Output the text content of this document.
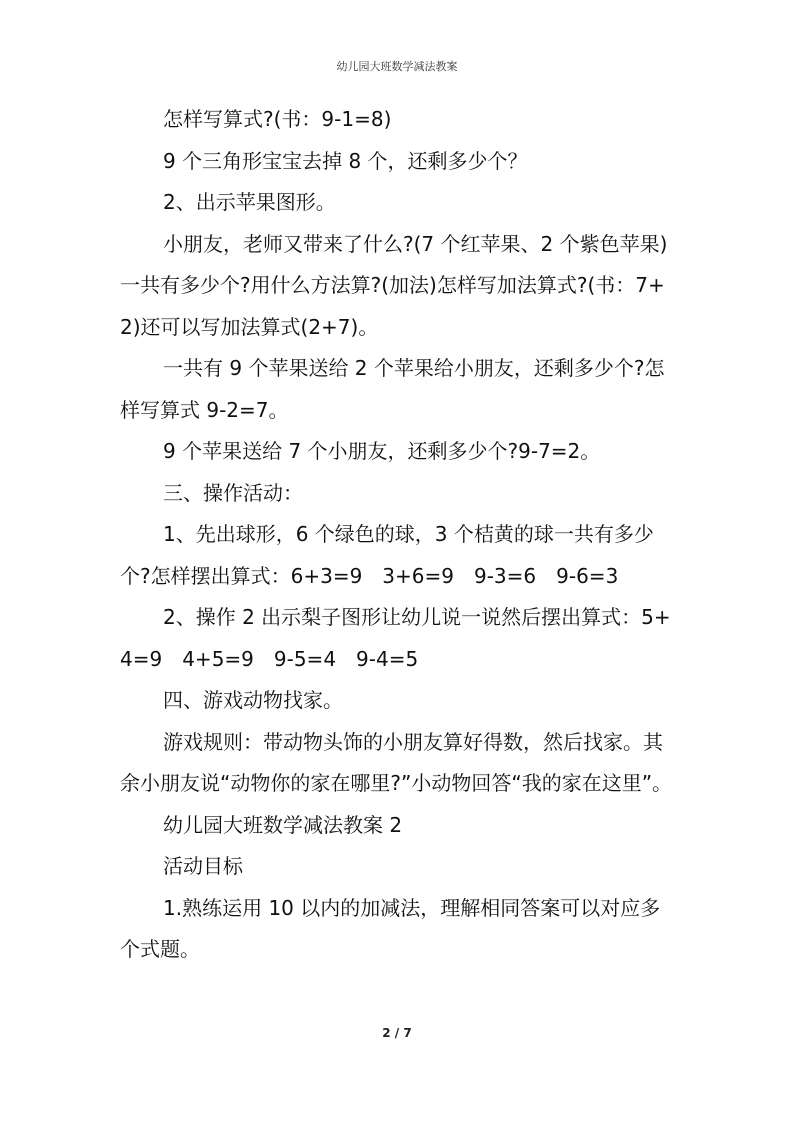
幼儿园大班数学减法教案

怎样写算式?(书：9-1=8)

9 个三角形宝宝去掉 8 个，还剩多少个？

2、出示苹果图形。

小朋友，老师又带来了什么?(7 个红苹果、2 个紫色苹果)一共有多少个?用什么方法算?(加法)怎样写加法算式?(书：7+2)还可以写加法算式(2+7)。

一共有 9 个苹果送给 2 个苹果给小朋友，还剩多少个?怎样写算式 9-2=7。

9 个苹果送给 7 个小朋友，还剩多少个?9-7=2。

三、操作活动：

1、先出球形，6 个绿色的球，3 个桔黄的球一共有多少个?怎样摆出算式：6+3=9　3+6=9　9-3=6　9-6=3

2、操作 2 出示梨子图形让幼儿说一说然后摆出算式：5+4=9　4+5=9　9-5=4　9-4=5

四、游戏动物找家。

游戏规则：带动物头饰的小朋友算好得数，然后找家。其余小朋友说“动物你的家在哪里?”小动物回答“我的家在这里”。

幼儿园大班数学减法教案 2

活动目标

1.熟练运用 10 以内的加减法，理解相同答案可以对应多个式题。

2 / 7
